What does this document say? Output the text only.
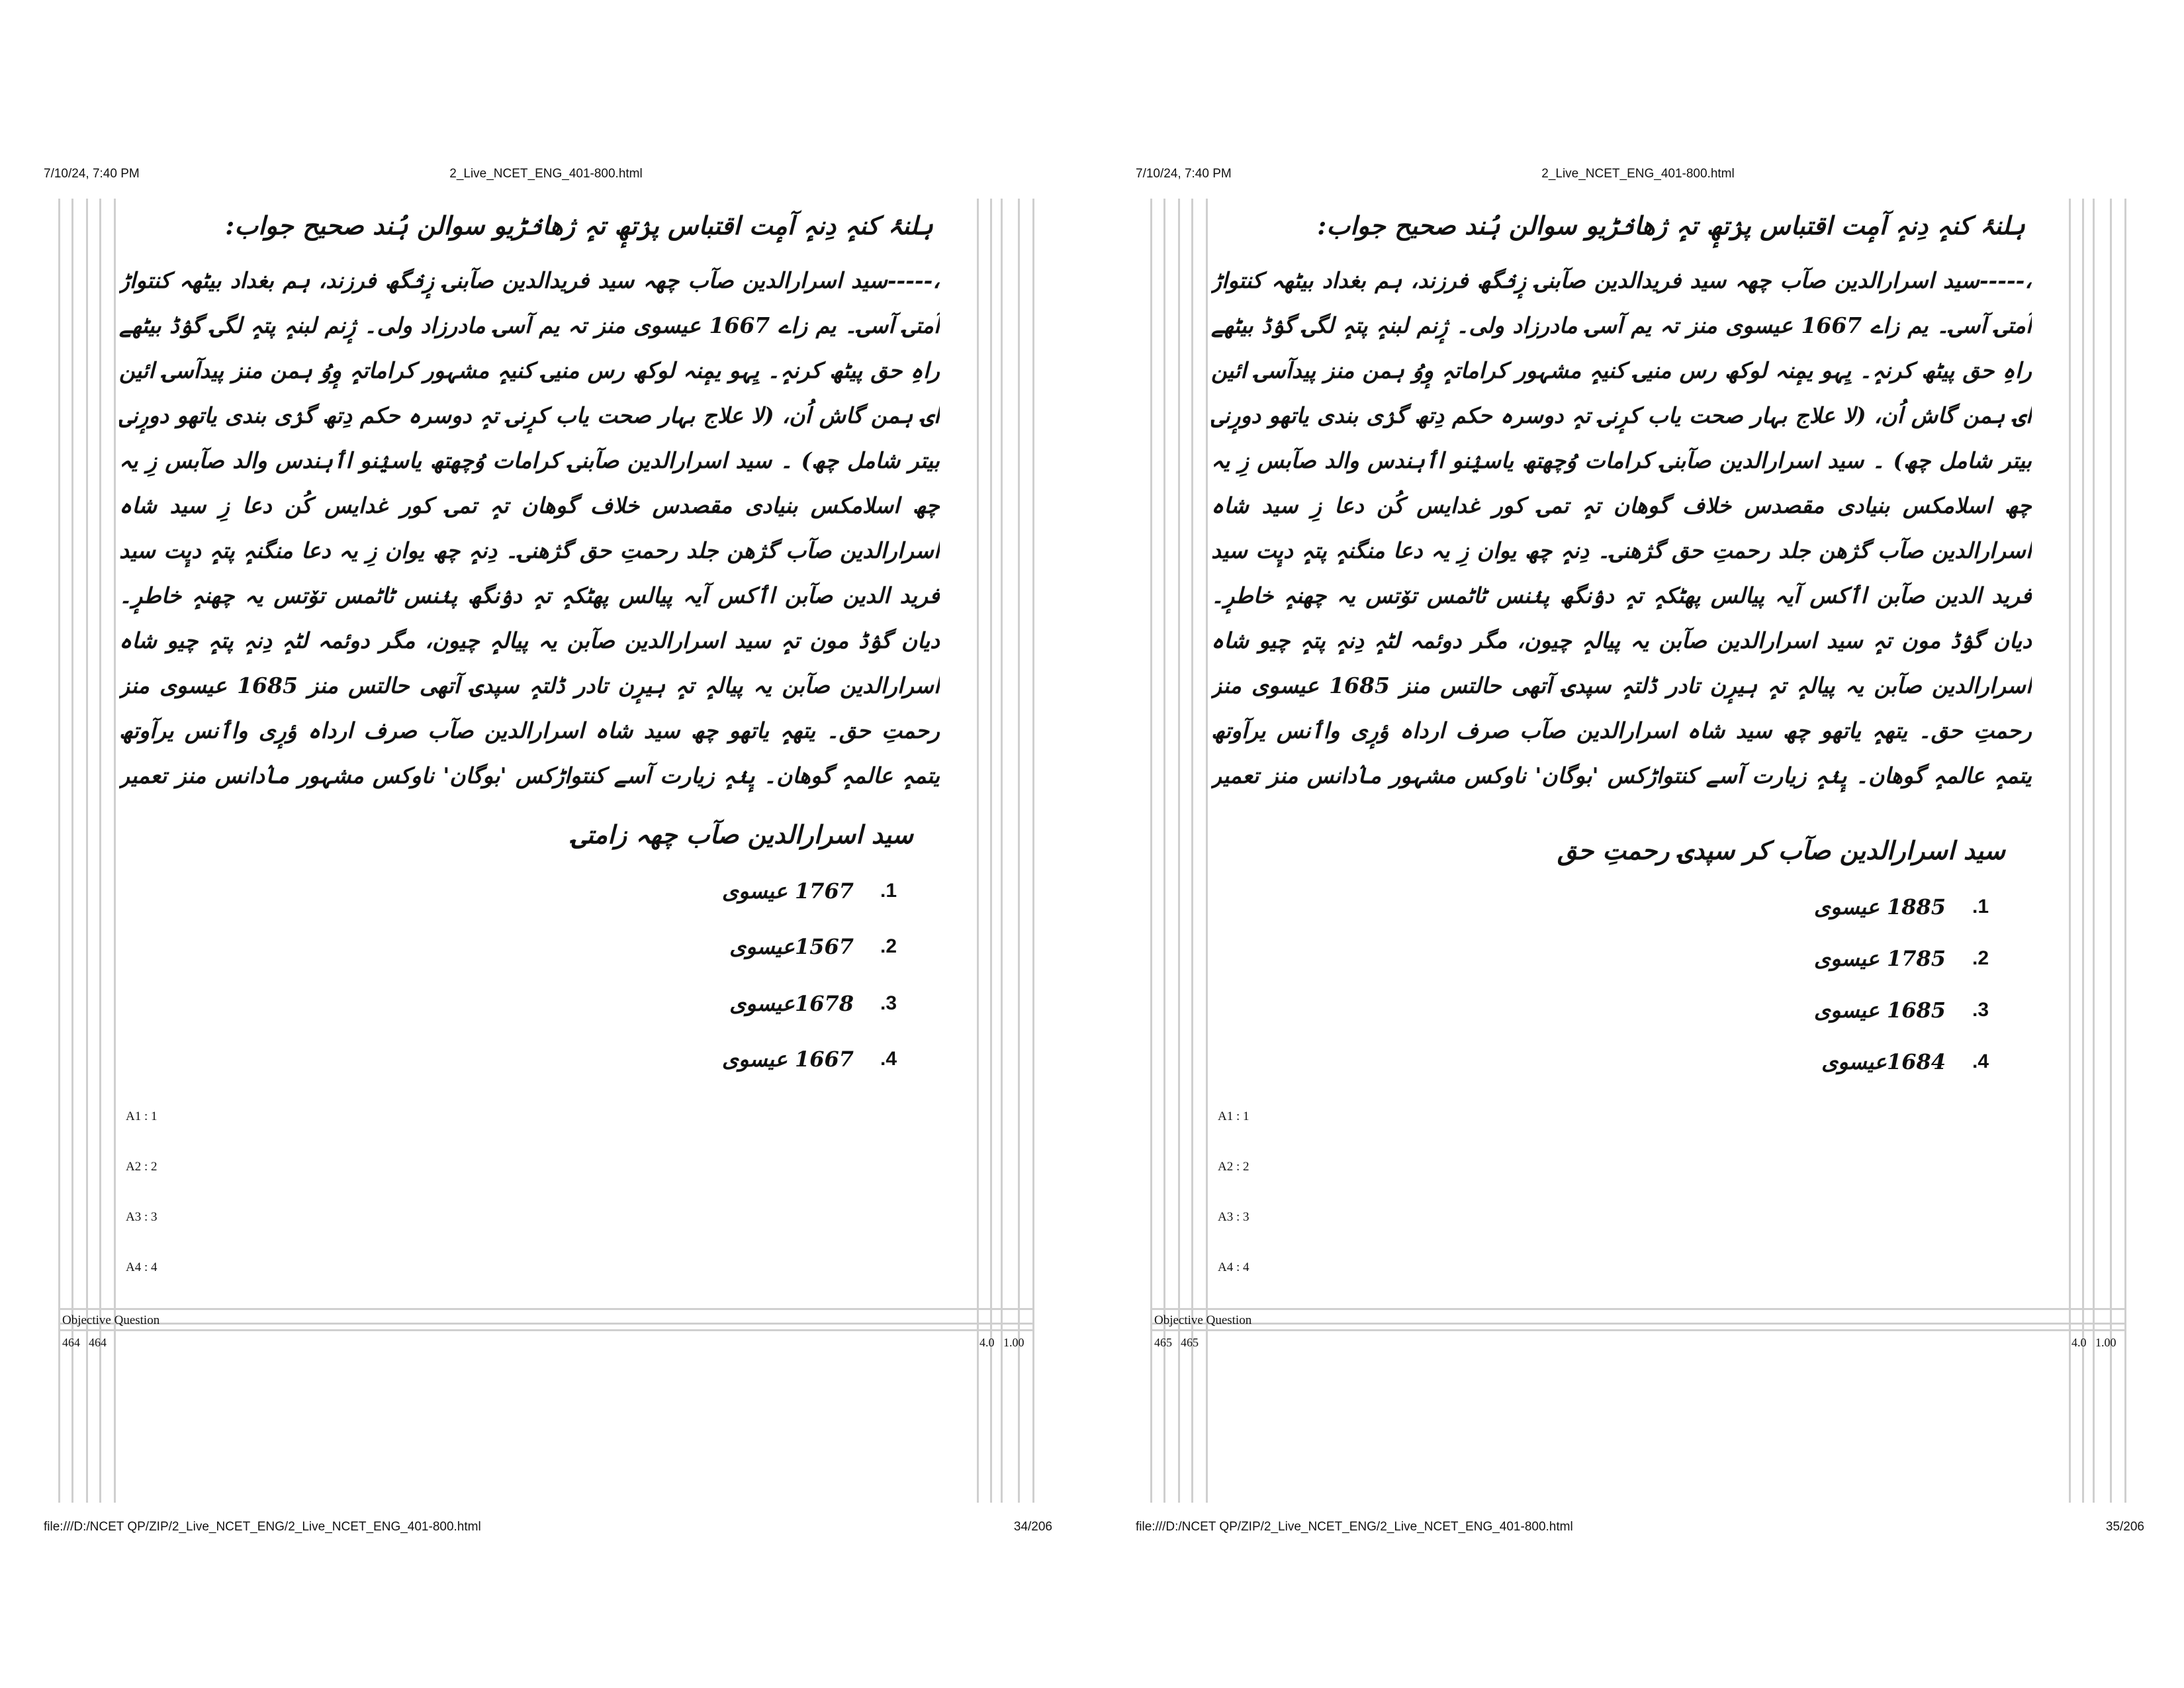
7/10/24, 7:40 PM	2_Live_NCET_ENG_401-800.html
ہلنۂ کنہٕ دِنہٕ آمٕت اقتباس پرٛتھٕ تہٕ ژھانٛڑیو سوالن ہُند صحیح جواب:
،-----سید اسرارالدین صآب چھہ سید فریدالدین صآبنۍ زٕنٛگھ فرزند، ہم بغداد بیٹھہ کنتواڑ آمتۍ آسۍ۔ یم زاے 1667 عیسوی منز تہ یم آسۍ مادرزاد ولی۔ ژٕنم لبنہٕ پتہٕ لگۍ گوٛڈ بیٹھے راہِ حق پیٹھ کرنہٕ۔ یِہو یمٕنہ لوکھ رس منیۍ کنیہٕ مشہور کراماتہٕ وٕوُ ہمن منز پیدآسۍ ائین اۍ ہمن گاش اُن، (لا علاج بہار صحت یاب کرٕنۍ تہٕ دوسرہ حکم دِتھ گرٛی بندی یاتھو دورٕنۍ بیتر شامل چھ) ۔ سید اسرارالدین صآبنۍ کرامات وُچھتھ یاسیٛنو اٲہندس والد صآبس زِ یہ چھ اسلامکس بنیادی مقصدس خلاف گوھان تہٕ تمۍ کور غدایس کُن دعا زِ سید شاہ اسرارالدین صآب گژھن جلد رحمتِ حق گژھنۍ۔ دِنہٕ چھ یوان زِ یہ دعا منگنہٕ پتہٕ دیٕت سید فرید الدین صآبن اٲکس آیہ پیالس پھٹکہٕ تہٕ دوٛنگھ پنٛنس ٹاٹمس تۆتس یہ چھنہٕ خاطرٕ۔ دیان گوٛڈ مون تہٕ سید اسرارالدین صآبن یہ پیالہٕ چیون، مگر دوئمہ لٹہٕ دِنہٕ پتہٕ چیو شاہ اسرارالدین صآبن یہ پیالہٕ تہٕ ہیرٕن تادر ڈلتہٕ سپدۍ آتھی حالتس منز 1685 عیسوی منز رحمتِ حق۔ یتھہٕ یاتھو چھ سید شاہ اسرارالدین صآب صرف ارداہ ؤرٕی واٲنس یرآوتھ یتمہٕ عالمہٕ گوھان۔ یٕنٛہٕ زیارت آسے کنتواڑکس 'بوگان' ناوکس مشہور ماٛدانس منز تعمیر
سید اسرارالدین صآب چھہ زامتۍ
1767 عیسوی .1
1567عیسوی .2
1678عیسوی .3
1667 عیسوی .4
A1 : 1
A2 : 2
A3 : 3
A4 : 4
Objective Question
464 464	4.0 1.00
file:///D:/NCET QP/ZIP/2_Live_NCET_ENG/2_Live_NCET_ENG_401-800.html	34/206
7/10/24, 7:40 PM	2_Live_NCET_ENG_401-800.html
ہلنۂ کنہٕ دِنہٕ آمٕت اقتباس پرٛتھٕ تہٕ ژھانٛڑیو سوالن ہُند صحیح جواب:
،-----سید اسرارالدین صآب چھہ سید فریدالدین صآبنۍ زٕنٛگھ فرزند، ہم بغداد بیٹھہ کنتواڑ آمتۍ آسۍ۔ یم زاے 1667 عیسوی منز تہ یم آسۍ مادرزاد ولی۔ ژٕنم لبنہٕ پتہٕ لگۍ گوٛڈ بیٹھے راہِ حق پیٹھ کرنہٕ۔ یِہو یمٕنہ لوکھ رس منیۍ کنیہٕ مشہور کراماتہٕ وٕوُ ہمن منز پیدآسۍ ائین اۍ ہمن گاش اُن، (لا علاج بہار صحت یاب کرٕنۍ تہٕ دوسرہ حکم دِتھ گرٛی بندی یاتھو دورٕنۍ بیتر شامل چھ) ۔ سید اسرارالدین صآبنۍ کرامات وُچھتھ یاسیٛنو اٲہندس والد صآبس زِ یہ چھ اسلامکس بنیادی مقصدس خلاف گوھان تہٕ تمۍ کور غدایس کُن دعا زِ سید شاہ اسرارالدین صآب گژھن جلد رحمتِ حق گژھنۍ۔ دِنہٕ چھ یوان زِ یہ دعا منگنہٕ پتہٕ دیٕت سید فرید الدین صآبن اٲکس آیہ پیالس پھٹکہٕ تہٕ دوٛنگھ پنٛنس ٹاٹمس تۆتس یہ چھنہٕ خاطرٕ۔ دیان گوٛڈ مون تہٕ سید اسرارالدین صآبن یہ پیالہٕ چیون، مگر دوئمہ لٹہٕ دِنہٕ پتہٕ چیو شاہ اسرارالدین صآبن یہ پیالہٕ تہٕ ہیرٕن تادر ڈلتہٕ سپدۍ آتھی حالتس منز 1685 عیسوی منز رحمتِ حق۔ یتھہٕ یاتھو چھ سید شاہ اسرارالدین صآب صرف ارداہ ؤرٕی واٲنس یرآوتھ یتمہٕ عالمہٕ گوھان۔ یٕنٛہٕ زیارت آسے کنتواڑکس 'بوگان' ناوکس مشہور ماٛدانس منز تعمیر
سید اسرارالدین صآب کر سپدۍ رحمتِ حق
1885 عیسوی .1
1785 عیسوی .2
1685 عیسوی .3
1684عیسوی .4
A1 : 1
A2 : 2
A3 : 3
A4 : 4
Objective Question
465 465	4.0 1.00
file:///D:/NCET QP/ZIP/2_Live_NCET_ENG/2_Live_NCET_ENG_401-800.html	35/206
